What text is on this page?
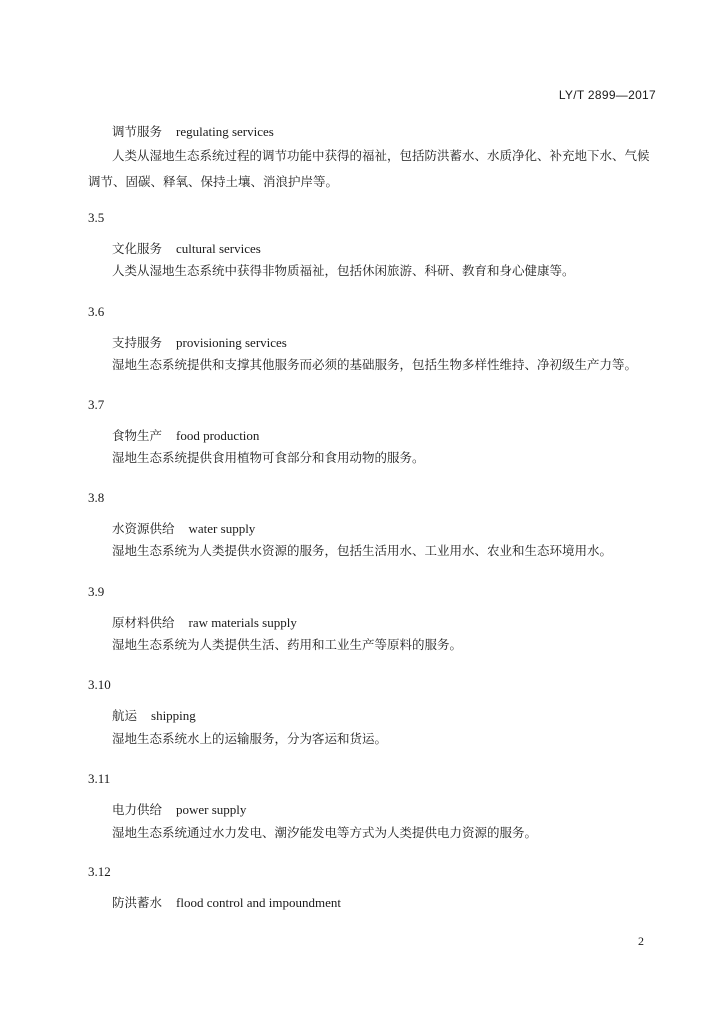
LY/T 2899—2017
调节服务 regulating services
人类从湿地生态系统过程的调节功能中获得的福祉，包括防洪蓄水、水质净化、补充地下水、气候
调节、固碳、释氧、保持土壤、消浪护岸等。
3.5
文化服务 cultural services
人类从湿地生态系统中获得非物质福祉，包括休闲旅游、科研、教育和身心健康等。
3.6
支持服务 provisioning services
湿地生态系统提供和支撑其他服务而必须的基础服务，包括生物多样性维持、净初级生产力等。
3.7
食物生产 food production
湿地生态系统提供食用植物可食部分和食用动物的服务。
3.8
水资源供给 water supply
湿地生态系统为人类提供水资源的服务，包括生活用水、工业用水、农业和生态环境用水。
3.9
原材料供给 raw materials supply
湿地生态系统为人类提供生活、药用和工业生产等原料的服务。
3.10
航运 shipping
湿地生态系统水上的运输服务，分为客运和货运。
3.11
电力供给 power supply
湿地生态系统通过水力发电、潮汐能发电等方式为人类提供电力资源的服务。
3.12
防洪蓄水 flood control and impoundment
2
